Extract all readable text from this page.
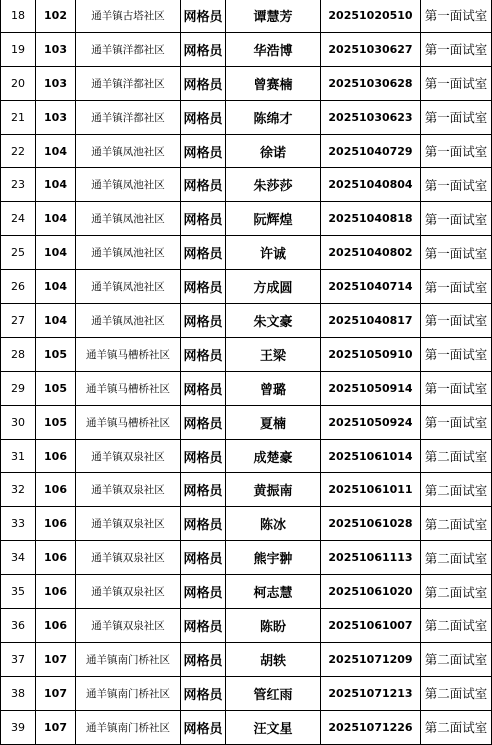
18	102	通羊镇古塔社区	网格员	谭慧芳	20251020510	第一面试室
19	103	通羊镇洋都社区	网格员	华浩博	20251030627	第一面试室
20	103	通羊镇洋都社区	网格员	曾赛楠	20251030628	第一面试室
21	103	通羊镇洋都社区	网格员	陈绵才	20251030623	第一面试室
22	104	通羊镇凤池社区	网格员	徐诺	20251040729	第一面试室
23	104	通羊镇凤池社区	网格员	朱莎莎	20251040804	第一面试室
24	104	通羊镇凤池社区	网格员	阮辉煌	20251040818	第一面试室
25	104	通羊镇凤池社区	网格员	许诚	20251040802	第一面试室
26	104	通羊镇凤池社区	网格员	方成圆	20251040714	第一面试室
27	104	通羊镇凤池社区	网格员	朱文豪	20251040817	第一面试室
28	105	通羊镇马槽桥社区	网格员	王梁	20251050910	第一面试室
29	105	通羊镇马槽桥社区	网格员	曾璐	20251050914	第一面试室
30	105	通羊镇马槽桥社区	网格员	夏楠	20251050924	第一面试室
31	106	通羊镇双泉社区	网格员	成楚豪	20251061014	第二面试室
32	106	通羊镇双泉社区	网格员	黄振南	20251061011	第二面试室
33	106	通羊镇双泉社区	网格员	陈冰	20251061028	第二面试室
34	106	通羊镇双泉社区	网格员	熊宇翀	20251061113	第二面试室
35	106	通羊镇双泉社区	网格员	柯志慧	20251061020	第二面试室
36	106	通羊镇双泉社区	网格员	陈盼	20251061007	第二面试室
37	107	通羊镇南门桥社区	网格员	胡轶	20251071209	第二面试室
38	107	通羊镇南门桥社区	网格员	管红雨	20251071213	第二面试室
39	107	通羊镇南门桥社区	网格员	汪文星	20251071226	第二面试室
